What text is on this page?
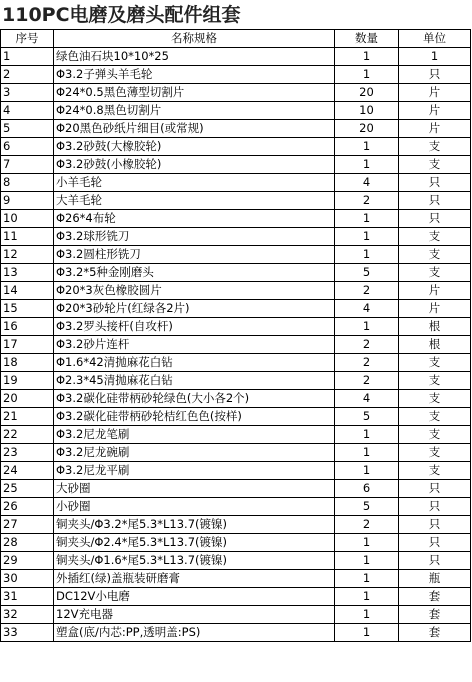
110PC电磨及磨头配件组套
序号	名称规格	数量	单位
1	绿色油石块10*10*25	1	1
2	Φ3.2子弹头羊毛轮	1	只
3	Φ24*0.5黑色薄型切割片	20	片
4	Φ24*0.8黑色切割片	10	片
5	Φ20黑色砂纸片细目(或常规)	20	片
6	Φ3.2砂鼓(大橡胶轮)	1	支
7	Φ3.2砂鼓(小橡胶轮)	1	支
8	小羊毛轮	4	只
9	大羊毛轮	2	只
10	Φ26*4布轮	1	只
11	Φ3.2球形铣刀	1	支
12	Φ3.2圆柱形铣刀	1	支
13	Φ3.2*5种金刚磨头	5	支
14	Φ20*3灰色橡胶圆片	2	片
15	Φ20*3砂轮片(红绿各2片)	4	片
16	Φ3.2罗头接杆(自攻杆)	1	根
17	Φ3.2砂片连杆	2	根
18	Φ1.6*42清抛麻花白钻	2	支
19	Φ2.3*45清抛麻花白钻	2	支
20	Φ3.2碳化硅带柄砂轮绿色(大小各2个)	4	支
21	Φ3.2碳化硅带柄砂轮桔红色色(按样)	5	支
22	Φ3.2尼龙笔刷	1	支
23	Φ3.2尼龙碗刷	1	支
24	Φ3.2尼龙平刷	1	支
25	大砂圈	6	只
26	小砂圈	5	只
27	铜夹头/Φ3.2*尾5.3*L13.7(镀镍)	2	只
28	铜夹头/Φ2.4*尾5.3*L13.7(镀镍)	1	只
29	铜夹头/Φ1.6*尾5.3*L13.7(镀镍)	1	只
30	外插红(绿)盖瓶装研磨膏	1	瓶
31	DC12V小电磨	1	套
32	12V充电器	1	套
33	塑盒(底/内芯:PP,透明盖:PS)	1	套
